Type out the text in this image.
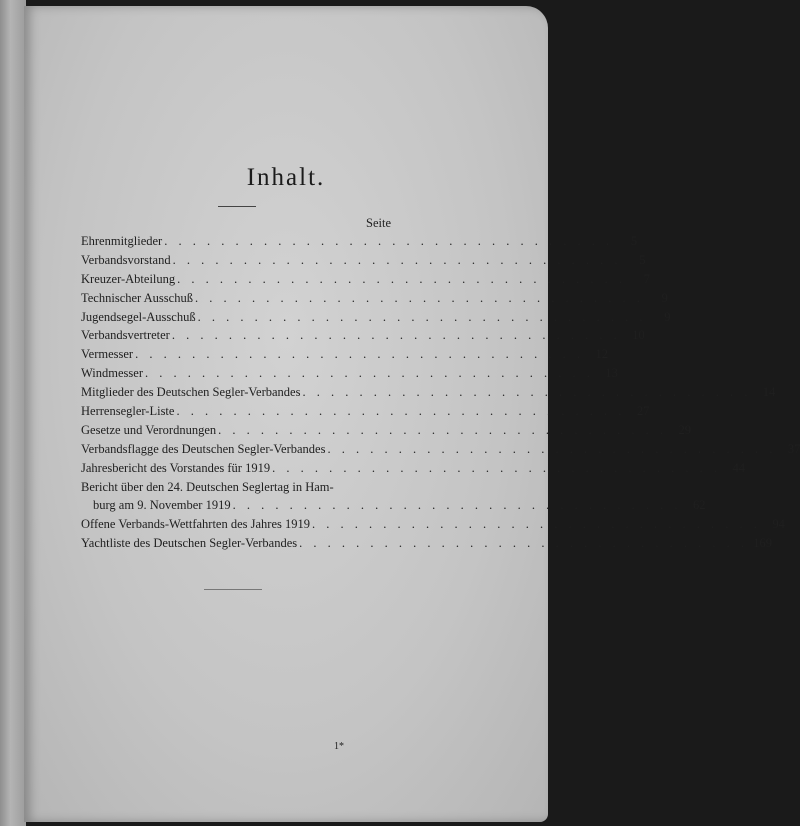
Inhalt.
Seite
Ehrenmitglieder . . . . . . . . . . . . . . . . . . . . . . . . . . . . . . . .	5
Verbandsvorstand . . . . . . . . . . . . . . . . . . . . . . . . . . . . . . . .	5
Kreuzer-Abteilung . . . . . . . . . . . . . . . . . . . . . . . . . . . . . . . .	7
Technischer Ausschuß . . . . . . . . . . . . . . . . . . . . . . . . . . . . . . . .	9
Jugendsegel-Ausschuß . . . . . . . . . . . . . . . . . . . . . . . . . . . . . . . .	9
Verbandsvertreter . . . . . . . . . . . . . . . . . . . . . . . . . . . . . . . . 10
Vermesser . . . . . . . . . . . . . . . . . . . . . . . . . . . . . . . . 12
Windmesser . . . . . . . . . . . . . . . . . . . . . . . . . . . . . . . . 13
Mitglieder des Deutschen Segler-Verbandes . . . . . . . . . . . . . . . . . . . . . . . . . . . . . . . . 14
Herrensegler-Liste . . . . . . . . . . . . . . . . . . . . . . . . . . . . . . . . 27
Gesetze und Verordnungen . . . . . . . . . . . . . . . . . . . . . . . . . . . . . . . . 29
Verbandsflagge des Deutschen Segler-Verbandes . . . . . . . . . . . . . . . . . . . . . . . . . . . . . . . . 37
Jahresbericht des Vorstandes für 1919 . . . . . . . . . . . . . . . . . . . . . . . . . . . . . . . . 44
Bericht über den 24. Deutschen Seglertag in Ham-
burg am 9. November 1919 . . . . . . . . . . . . . . . . . . . . . . . . . . . . . . . . 62
Offene Verbands-Wettfahrten des Jahres 1919 . . . . . . . . . . . . . . . . . . . . . . . . . . . . . . . . 94
Yachtliste des Deutschen Segler-Verbandes . . . . . . . . . . . . . . . . . . . . . . . . . . . . . . . . 169
1*
